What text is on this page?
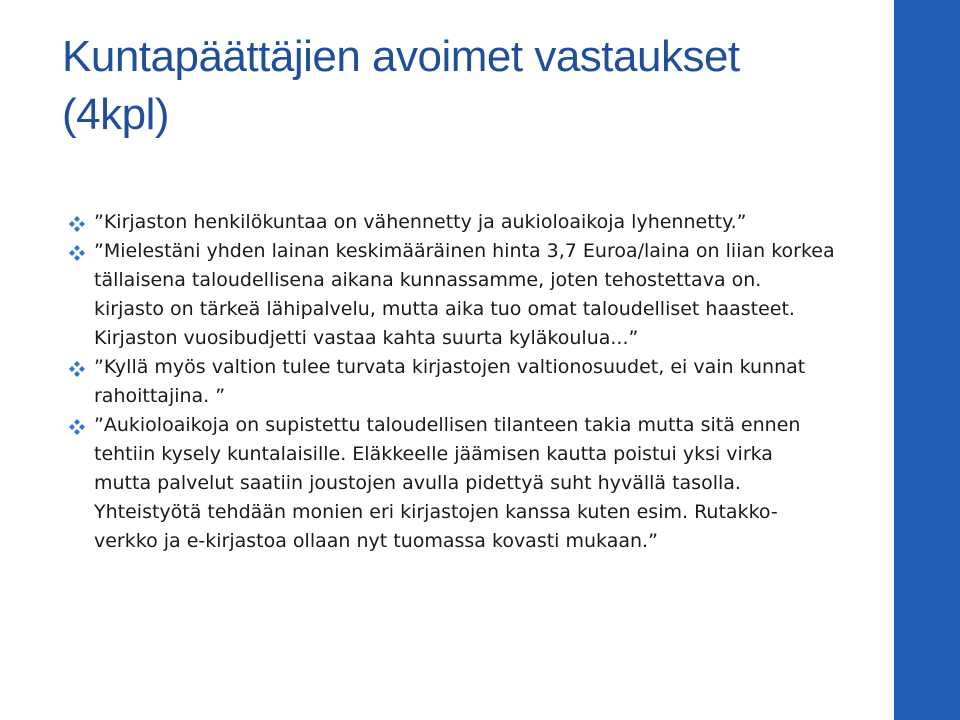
Kuntapäättäjien avoimet vastaukset (4kpl)
”Kirjaston henkilökuntaa on vähennetty ja aukioloaikoja lyhennetty.”
”Mielestäni yhden lainan keskimääräinen hinta 3,7 Euroa/laina on liian korkea tällaisena taloudellisena aikana kunnassamme, joten tehostettava on. kirjasto on tärkeä lähipalvelu, mutta aika tuo omat taloudelliset haasteet. Kirjaston vuosibudjetti vastaa kahta suurta kyläkoulua...”
”Kyllä myös valtion tulee turvata kirjastojen valtionosuudet, ei vain kunnat rahoittajina. ”
”Aukioloaikoja on supistettu taloudellisen tilanteen takia mutta sitä ennen tehtiin kysely kuntalaisille. Eläkkeelle jäämisen kautta poistui yksi virka mutta palvelut saatiin joustojen avulla pidettyä suht hyvällä tasolla. Yhteistyötä tehdään monien eri kirjastojen kanssa kuten esim. Rutakko-verkko ja e-kirjastoa ollaan nyt tuomassa kovasti mukaan.”
